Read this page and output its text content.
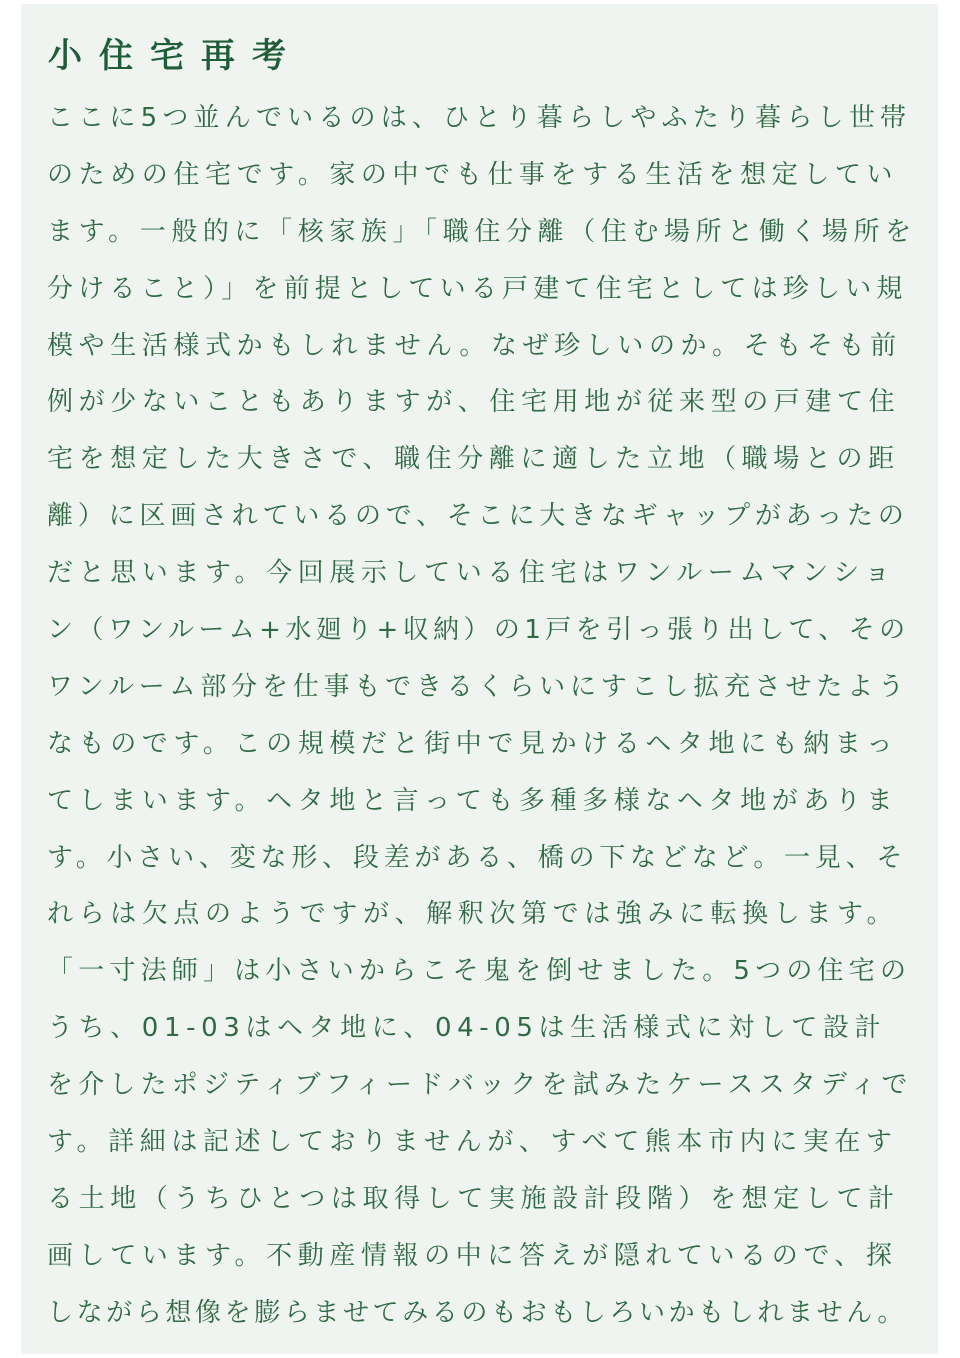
小住宅再考
ここに5つ並んでいるのは、ひとり暮らしやふたり暮らし世帯
のための住宅です。家の中でも仕事をする生活を想定してい
ます。一般的に「核家族」「職住分離（住む場所と働く場所を
分けること）」を前提としている戸建て住宅としては珍しい規
模や生活様式かもしれません。なぜ珍しいのか。そもそも前
例が少ないこともありますが、住宅用地が従来型の戸建て住
宅を想定した大きさで、職住分離に適した立地（職場との距
離）に区画されているので、そこに大きなギャップがあったの
だと思います。今回展示している住宅はワンルームマンショ
ン（ワンルーム+水廻り+収納）の1戸を引っ張り出して、その
ワンルーム部分を仕事もできるくらいにすこし拡充させたよう
なものです。この規模だと街中で見かけるヘタ地にも納まっ
てしまいます。ヘタ地と言っても多種多様なヘタ地がありま
す。小さい、変な形、段差がある、橋の下などなど。一見、そ
れらは欠点のようですが、解釈次第では強みに転換します。
「一寸法師」は小さいからこそ鬼を倒せました。5つの住宅の
うち、01-03はヘタ地に、04-05は生活様式に対して設計
を介したポジティブフィードバックを試みたケーススタディで
す。詳細は記述しておりませんが、すべて熊本市内に実在す
る土地（うちひとつは取得して実施設計段階）を想定して計
画しています。不動産情報の中に答えが隠れているので、探
しながら想像を膨らませてみるのもおもしろいかもしれません。
